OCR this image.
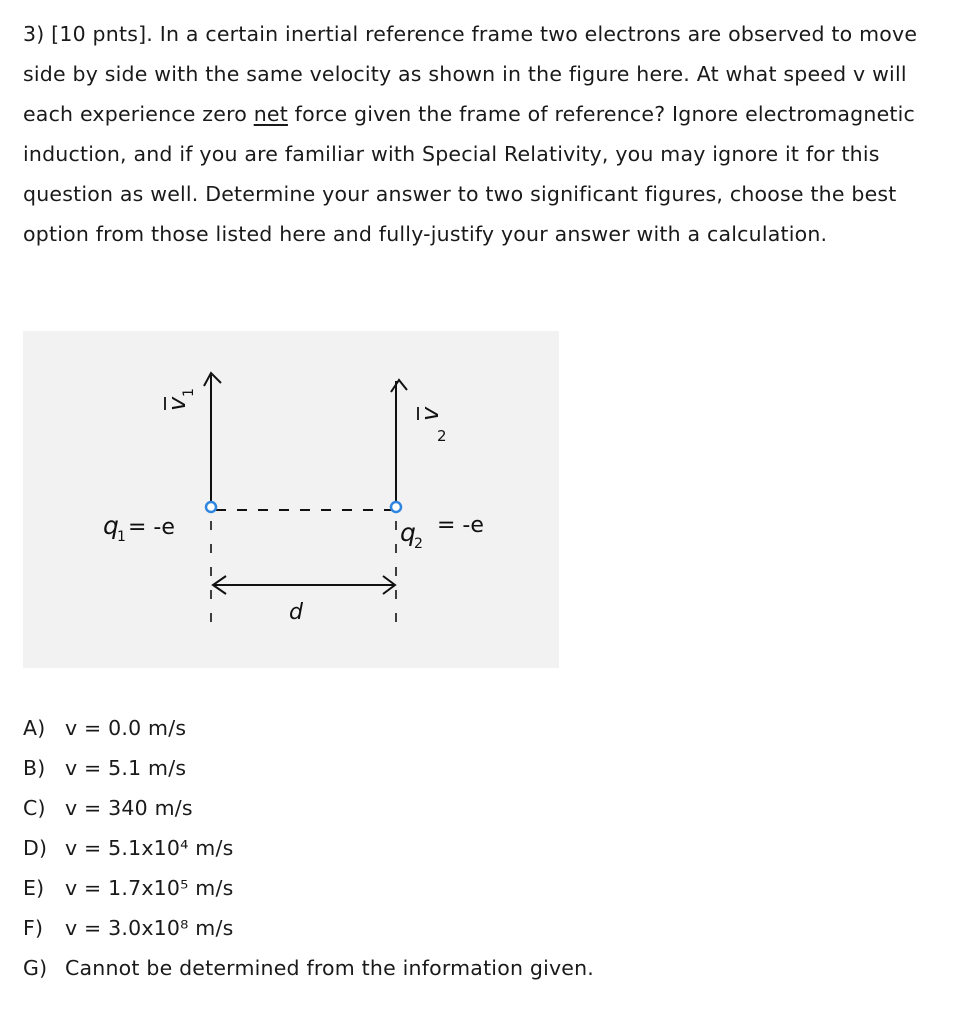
3) [10 pnts]. In a certain inertial reference frame two electrons are observed to move side by side with the same velocity as shown in the figure here. At what speed v will each experience zero net force given the frame of reference? Ignore electromagnetic induction, and if you are familiar with Special Relativity, you may ignore it for this question as well. Determine your answer to two significant figures, choose the best option from those listed here and fully-justify your answer with a calculation.
v
1
v
2
q
1 = -e	q
2
= -e
d
A) v = 0.0 m/s
B) v = 5.1 m/s
C) v = 340 m/s
D) v = 5.1x10⁴ m/s
E)	v = 1.7x10⁵ m/s
F)	v = 3.0x10⁸ m/s
G) Cannot be determined from the information given.
